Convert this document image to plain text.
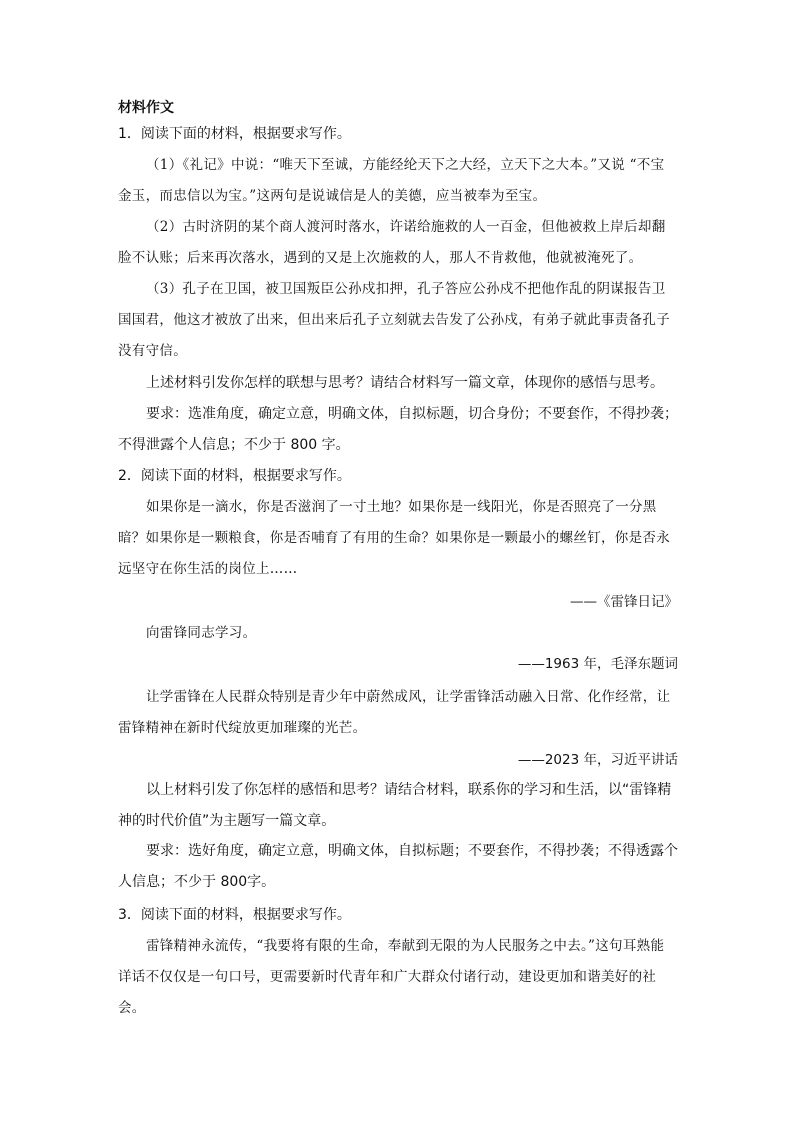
材料作文
1．阅读下面的材料，根据要求写作。
（1）《礼记》中说：“唯天下至诚，方能经纶天下之大经，立天下之大本。”又说 “不宝金玉，而忠信以为宝。”这两句是说诚信是人的美德，应当被奉为至宝。
（2）古时济阴的某个商人渡河时落水，许诺给施救的人一百金，但他被救上岸后却翻脸不认账；后来再次落水，遇到的又是上次施救的人，那人不肯救他，他就被淹死了。
（3）孔子在卫国，被卫国叛臣公孙戍扣押，孔子答应公孙戍不把他作乱的阴谋报告卫国国君，他这才被放了出来，但出来后孔子立刻就去告发了公孙戍，有弟子就此事责备孔子没有守信。
上述材料引发你怎样的联想与思考？请结合材料写一篇文章，体现你的感悟与思考。
要求：选准角度，确定立意，明确文体，自拟标题，切合身份；不要套作，不得抄袭；不得泄露个人信息；不少于 800 字。
2．阅读下面的材料，根据要求写作。
如果你是一滴水，你是否滋润了一寸土地？如果你是一线阳光，你是否照亮了一分黑暗？如果你是一颗粮食，你是否哺育了有用的生命？如果你是一颗最小的螺丝钉，你是否永远坚守在你生活的岗位上……
——《雷锋日记》
向雷锋同志学习。
——1963 年，毛泽东题词
让学雷锋在人民群众特别是青少年中蔚然成风，让学雷锋活动融入日常、化作经常，让雷锋精神在新时代绽放更加璀璨的光芒。
——2023 年，习近平讲话
以上材料引发了你怎样的感悟和思考？请结合材料，联系你的学习和生活，以“雷锋精神的时代价值”为主题写一篇文章。
要求：选好角度，确定立意，明确文体，自拟标题；不要套作，不得抄袭；不得透露个人信息；不少于 800字。
3．阅读下面的材料，根据要求写作。
雷锋精神永流传，“我要将有限的生命，奉献到无限的为人民服务之中去。”这句耳熟能详话不仅仅是一句口号，更需要新时代青年和广大群众付诸行动，建设更加和谐美好的社会。
